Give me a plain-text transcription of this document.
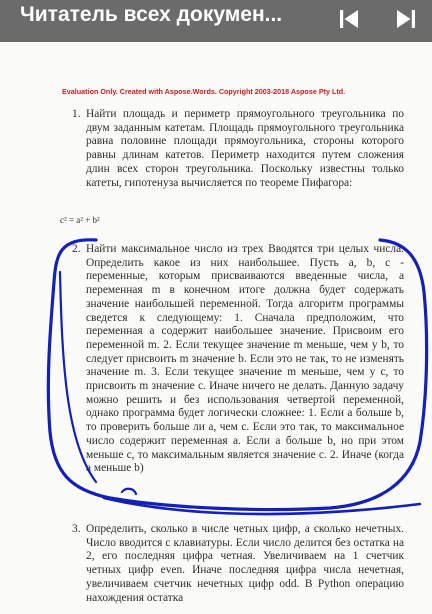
Читатель всех докумен...
Evaluation Only. Created with Aspose.Words. Copyright 2003-2018 Aspose Pty Ltd.
1. Найти площадь и периметр прямоугольного треугольника по двум заданным катетам. Площадь прямоугольного треугольника равна половине площади прямоугольника, стороны которого равны длинам катетов. Периметр находится путем сложения длин всех сторон треугольника. Поскольку известны только катеты, гипотенуза вычисляется по теореме Пифагора:
c² = a² + b²
2. Найти максимальное число из трех Вводятся три целых числа. Определить какое из них наибольшее. Пусть a, b, c - переменные, которым присваиваются введенные числа, а переменная m в конечном итоге должна будет содержать значение наибольшей переменной. Тогда алгоритм программы сведется к следующему: 1. Сначала предположим, что переменная a содержит наибольшее значение. Присвоим его переменной m. 2. Если текущее значение m меньше, чем у b, то следует присвоить m значение b. Если это не так, то не изменять значение m. 3. Если текущее значение m меньше, чем у c, то присвоить m значение c. Иначе ничего не делать. Данную задачу можно решить и без использования четвертой переменной, однако программа будет логически сложнее: 1. Если a больше b, то проверить больше ли a, чем c. Если это так, то максимальное число содержит переменная a. Если a больше b, но при этом меньше c, то максимальным является значение c. 2. Иначе (когда a меньше b)
3. Определить, сколько в числе четных цифр, а сколько нечетных. Число вводится с клавиатуры. Если число делится без остатка на 2, его последняя цифра четная. Увеличиваем на 1 счетчик четных цифр even. Иначе последняя цифра числа нечетная, увеличиваем счетчик нечетных цифр odd. В Python операцию нахождения остатка
